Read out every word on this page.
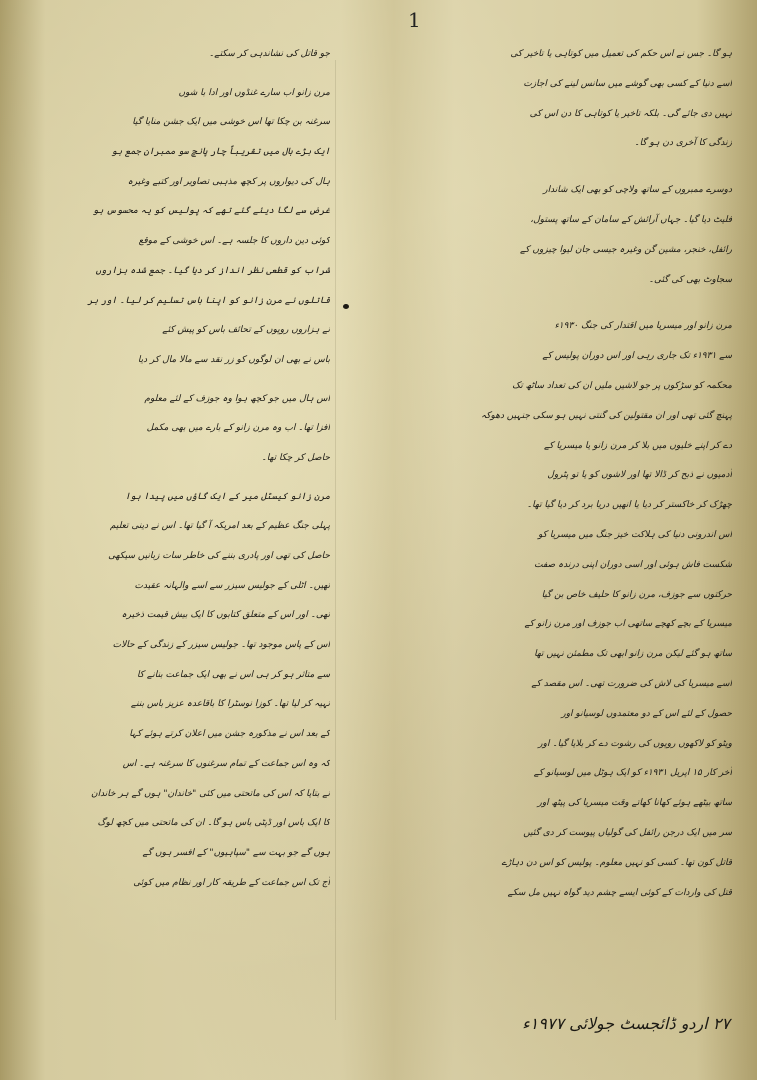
1
ہو گا۔ جس نے اس حکم کی تعمیل میں کوتاہی یا تاخیر کی
اسے دنیا کے کسی بھی گوشے میں سانس لینے کی اجازت
نہیں دی جائے گی۔ بلکہ تاخیر یا کوتاہی کا دن اس کی
زندگی کا آخری دن ہو گا۔
دوسرے ممبروں کے ساتھ ولاچی کو بھی ایک شاندار
فلیٹ دیا گیا۔ جہاں آرائش کے سامان کے ساتھ پستول،
رائفل، خنجر، مشین گن وغیرہ جیسی جان لیوا چیزوں کے
سجاوٹ بھی کی گئی۔
مرن زانو اور میسریا میں اقتدار کی جنگ ۱۹۳۰ء
سے ۱۹۳۱ء تک جاری رہی اور اس دوران پولیس کے
محکمہ کو سڑکوں پر جو لاشیں ملیں ان کی تعداد ساٹھ تک
پہنچ گئی تھی اور ان مقتولین کی گنتی نہیں ہو سکی جنہیں دھوکہ
دے کر اپنے خلیوں میں بلا کر مرن زانو یا میسریا کے
آدمیوں نے ذبح کر ڈالا تھا اور لاشوں کو یا تو پٹرول
چھڑک کر خاکستر کر دیا یا انھیں دریا برد کر دیا گیا تھا۔
اس اندرونی دنیا کی ہلاکت خیز جنگ میں میسریا کو
شکست فاش ہوئی اور اسی دوران اپنی درندہ صفت
حرکتوں سے جوزف، مرن زانو کا حلیف خاص بن گیا
میسریا کے بچے کھچے ساتھی اب جوزف اور مرن زانو کے
ساتھ ہو گئے لیکن مرن زانو ابھی تک مطمئن نہیں تھا
اسے میسریا کی لاش کی ضرورت تھی۔ اس مقصد کے
حصول کے لئے اس کے دو معتمدوں لوسیانو اور
ویٹو کو لاکھوں روپوں کی رشوت دے کر بلایا گیا۔ اور
آخر کار ۱۵ اپریل ۱۹۳۱ء کو ایک ہوٹل میں لوسیانو کے
ساتھ بیٹھے ہوئے کھانا کھاتے وقت میسریا کی پیٹھ اور
سر میں ایک درجن رائفل کی گولیاں پیوست کر دی گئیں
قاتل کون تھا۔ کسی کو نہیں معلوم۔ پولیس کو اس دن دہاڑے
قتل کی واردات کے کوئی ایسے چشم دید گواہ نہیں مل سکے
جو قاتل کی نشاندہی کر سکتے۔
مرن زانو اب سارے غنڈوں اور ادا با شوں
سرغنہ بن چکا تھا اس خوشی میں ایک جشن منایا گیا
ایک بڑے ہال میں تقریباً چار پانچ سو ممبران جمع ہو
ہال کی دیواروں پر کچھ مذہبی تصاویر اور کتبے وغیرہ
غرض سے لگا دیئے گئے تھے کہ پولیس کو یہ محسوس ہو
کوئی دین داروں کا جلسہ ہے۔ اس خوشی کے موقع
شراب کو قطعی نظر انداز کر دیا گیا۔ جمع شدہ ہزاروں
قاتلوں نے مرن زانو کو اپنا باس تسلیم کر لیا۔ اور ہر
نے ہزاروں روپوں کے تحائف باس کو پیش کئے
باس نے بھی ان لوگوں کو زر نقد سے مالا مال کر دیا
اس ہال میں جو کچھ ہوا وہ جوزف کے لئے معلوم
افزا تھا۔ اب وہ مرن زانو کے بارے میں بھی مکمل
حاصل کر چکا تھا۔
مرن زانو کیسٹل میر کے ایک گاؤں میں پیدا ہوا
پہلی جنگ عظیم کے بعد امریکہ آ گیا تھا۔ اس نے دینی تعلیم
حاصل کی تھی اور پادری بننے کی خاطر سات زبانیں سیکھی
تھیں۔ اٹلی کے جولیس سیزر سے اسے والہانہ عقیدت
تھی۔ اور اس کے متعلق کتابوں کا ایک بیش قیمت ذخیرہ
اس کے پاس موجود تھا۔ جولیس سیزر کے زندگی کے حالات
سے متاثر ہو کر ہی اس نے بھی ایک جماعت بنانے کا
تہیہ کر لیا تھا۔ کوزا نوسٹرا کا باقاعدہ عزیز باس بننے
کے بعد اس نے مذکورہ جشن میں اعلان کرتے ہوئے کہا
کہ وہ اس جماعت کے تمام سرغنوں کا سرغنہ ہے۔ اس
نے بتایا کہ اس کی ماتحتی میں کئی "خاندان" ہوں گے ہر خاندان
کا ایک باس اور ڈپٹی باس ہو گا۔ ان کی ماتحتی میں کچھ لوگ
ہوں گے جو بہت سے "سپاہیوں" کے افسر ہوں گے
آج تک اس جماعت کے طریقہ کار اور نظام میں کوئی
۲۷ اردو ڈائجسٹ جولائی ۱۹۷۷ء
